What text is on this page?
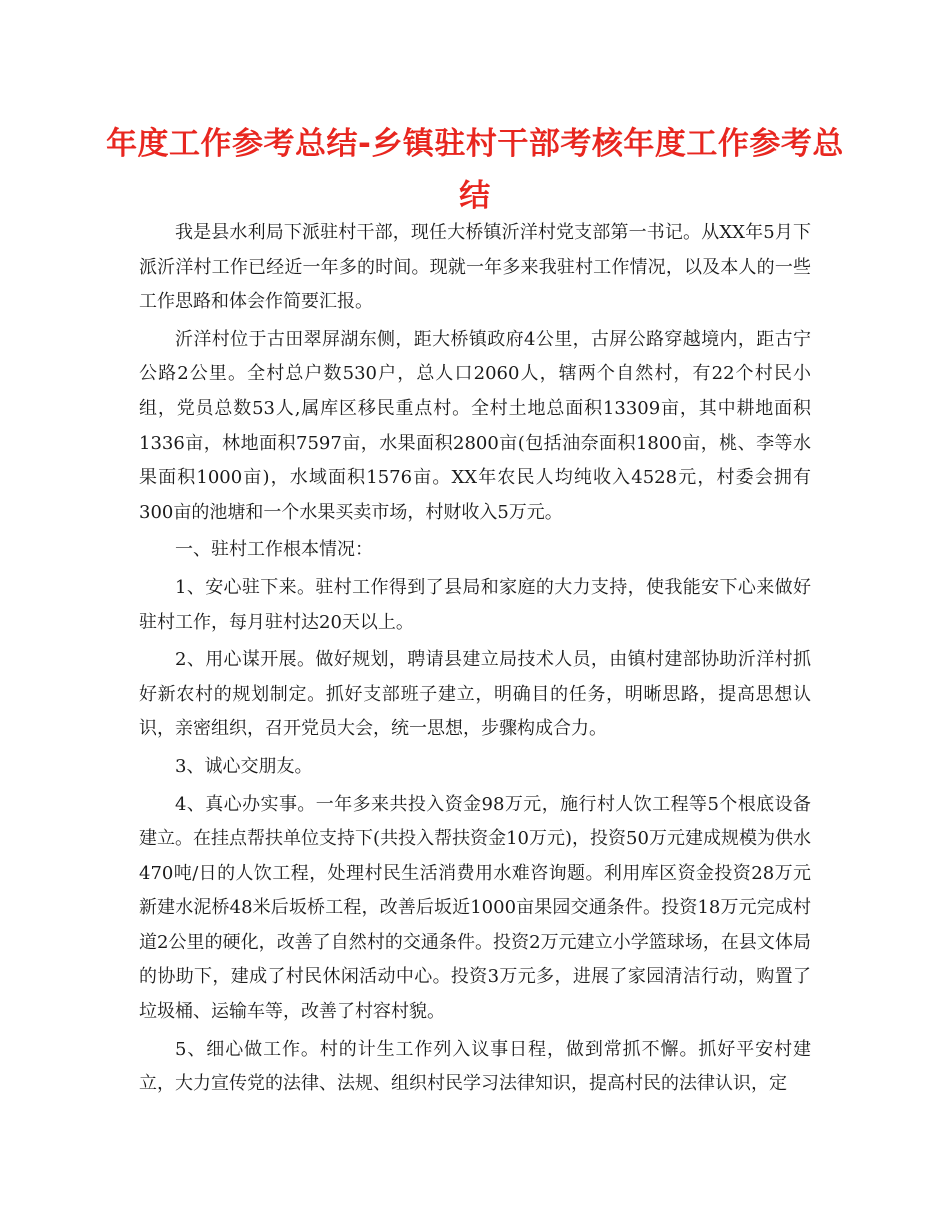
年度工作参考总结-乡镇驻村干部考核年度工作参考总结

我是县水利局下派驻村干部，现任大桥镇沂洋村党支部第一书记。从XX年5月下派沂洋村工作已经近一年多的时间。现就一年多来我驻村工作情况，以及本人的一些工作思路和体会作简要汇报。

沂洋村位于古田翠屏湖东侧，距大桥镇政府4公里，古屏公路穿越境内，距古宁公路2公里。全村总户数530户，总人口2060人，辖两个自然村，有22个村民小组，党员总数53人,属库区移民重点村。全村土地总面积13309亩，其中耕地面积1336亩，林地面积7597亩，水果面积2800亩(包括油奈面积1800亩，桃、李等水果面积1000亩)，水域面积1576亩。XX年农民人均纯收入4528元，村委会拥有300亩的池塘和一个水果买卖市场，村财收入5万元。

一、驻村工作根本情况：

1、安心驻下来。驻村工作得到了县局和家庭的大力支持，使我能安下心来做好驻村工作，每月驻村达20天以上。

2、用心谋开展。做好规划，聘请县建立局技术人员，由镇村建部协助沂洋村抓好新农村的规划制定。抓好支部班子建立，明确目的任务，明晰思路，提高思想认识，亲密组织，召开党员大会，统一思想，步骤构成合力。

3、诚心交朋友。

4、真心办实事。一年多来共投入资金98万元，施行村人饮工程等5个根底设备建立。在挂点帮扶单位支持下(共投入帮扶资金10万元)，投资50万元建成规模为供水470吨/日的人饮工程，处理村民生活消费用水难咨询题。利用库区资金投资28万元新建水泥桥48米后坂桥工程，改善后坂近1000亩果园交通条件。投资18万元完成村道2公里的硬化，改善了自然村的交通条件。投资2万元建立小学篮球场，在县文体局的协助下，建成了村民休闲活动中心。投资3万元多，进展了家园清洁行动，购置了垃圾桶、运输车等，改善了村容村貌。

5、细心做工作。村的计生工作列入议事日程，做到常抓不懈。抓好平安村建立，大力宣传党的法律、法规、组织村民学习法律知识，提高村民的法律认识，定
